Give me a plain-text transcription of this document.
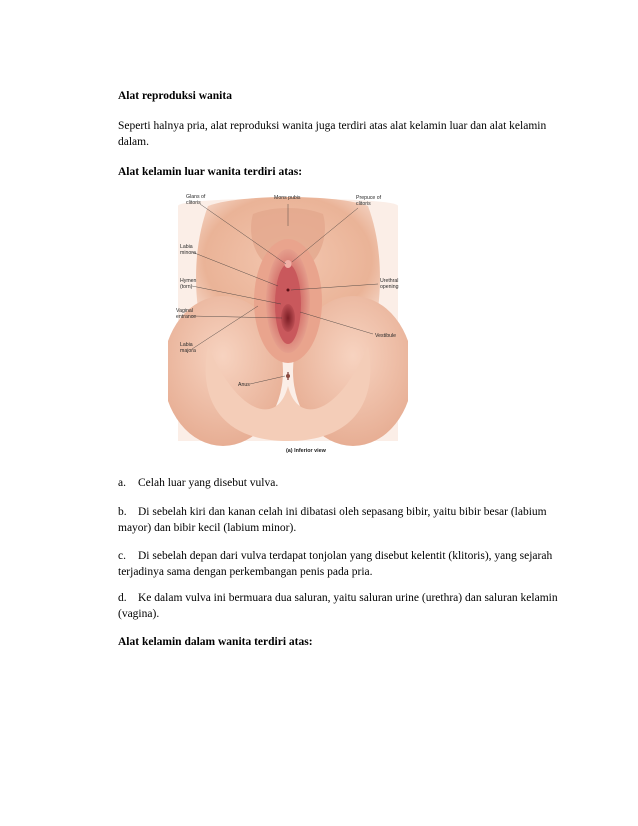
Alat reproduksi wanita

Seperti halnya pria, alat reproduksi wanita juga terdiri atas alat kelamin luar dan alat kelamin dalam.

Alat kelamin luar wanita terdiri atas:

Glans of clitoris
Mons pubis	Prepuce of clitoris
Labia minora
Urethral opening
Hymen (torn)
Vaginal entrance
Vestibule
Labia majora
Anus
(a) Inferior view

a. Celah luar yang disebut vulva.

b. Di sebelah kiri dan kanan celah ini dibatasi oleh sepasang bibir, yaitu bibir besar (labium mayor) dan bibir kecil (labium minor).

c. Di sebelah depan dari vulva terdapat tonjolan yang disebut kelentit (klitoris), yang sejarah terjadinya sama dengan perkembangan penis pada pria.

d. Ke dalam vulva ini bermuara dua saluran, yaitu saluran urine (urethra) dan saluran kelamin (vagina).

Alat kelamin dalam wanita terdiri atas:
